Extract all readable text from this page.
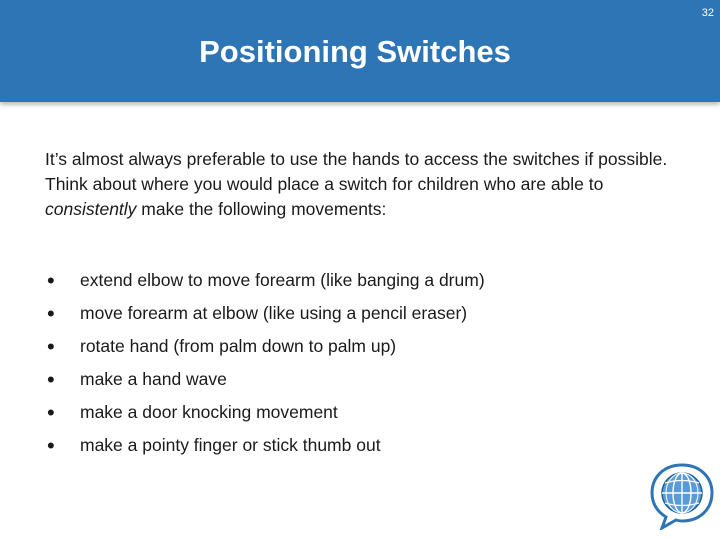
32
Positioning Switches

It’s almost always preferable to use the hands to access the switches if possible. Think about where you would place a switch for children who are able to consistently make the following movements:

•	extend elbow to move forearm (like banging a drum)
•	move forearm at elbow (like using a pencil eraser)
•	rotate hand (from palm down to palm up)
•	make a hand wave
•	make a door knocking movement
•	make a pointy finger or stick thumb out
